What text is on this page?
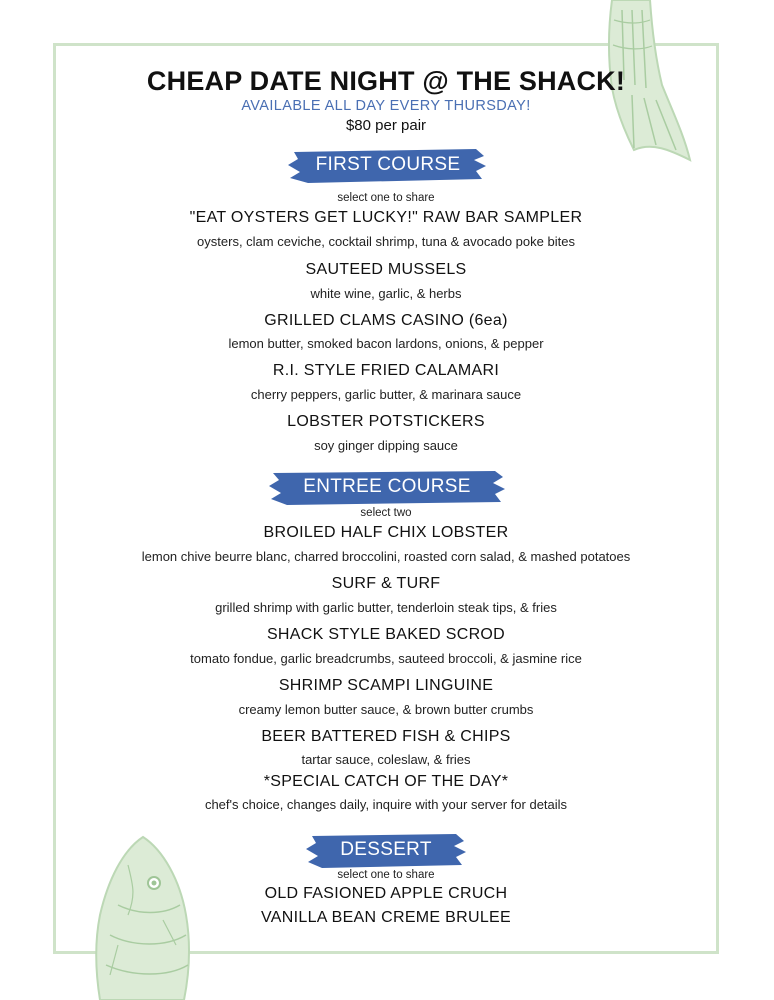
CHEAP DATE NIGHT @ THE SHACK!
AVAILABLE ALL DAY EVERY THURSDAY!
$80 per pair
FIRST COURSE
select one to share
"EAT OYSTERS GET LUCKY!" RAW BAR SAMPLER
oysters, clam ceviche, cocktail shrimp, tuna & avocado poke bites
SAUTEED MUSSELS
white wine, garlic, & herbs
GRILLED CLAMS CASINO (6ea)
lemon butter, smoked bacon lardons, onions, & pepper
R.I. STYLE FRIED CALAMARI
cherry peppers, garlic butter, & marinara sauce
LOBSTER POTSTICKERS
soy ginger dipping sauce
ENTREE COURSE
select two
BROILED HALF CHIX LOBSTER
lemon chive beurre blanc, charred broccolini, roasted corn salad, & mashed potatoes
SURF & TURF
grilled shrimp with garlic butter, tenderloin steak tips, & fries
SHACK STYLE BAKED SCROD
tomato fondue, garlic breadcrumbs, sauteed broccoli, & jasmine rice
SHRIMP SCAMPI LINGUINE
creamy lemon butter sauce, & brown butter crumbs
BEER BATTERED FISH & CHIPS
tartar sauce, coleslaw, & fries
*SPECIAL CATCH OF THE DAY*
chef's choice, changes daily, inquire with your server for details
DESSERT
select one to share
OLD FASIONED APPLE CRUCH
VANILLA BEAN CREME BRULEE
